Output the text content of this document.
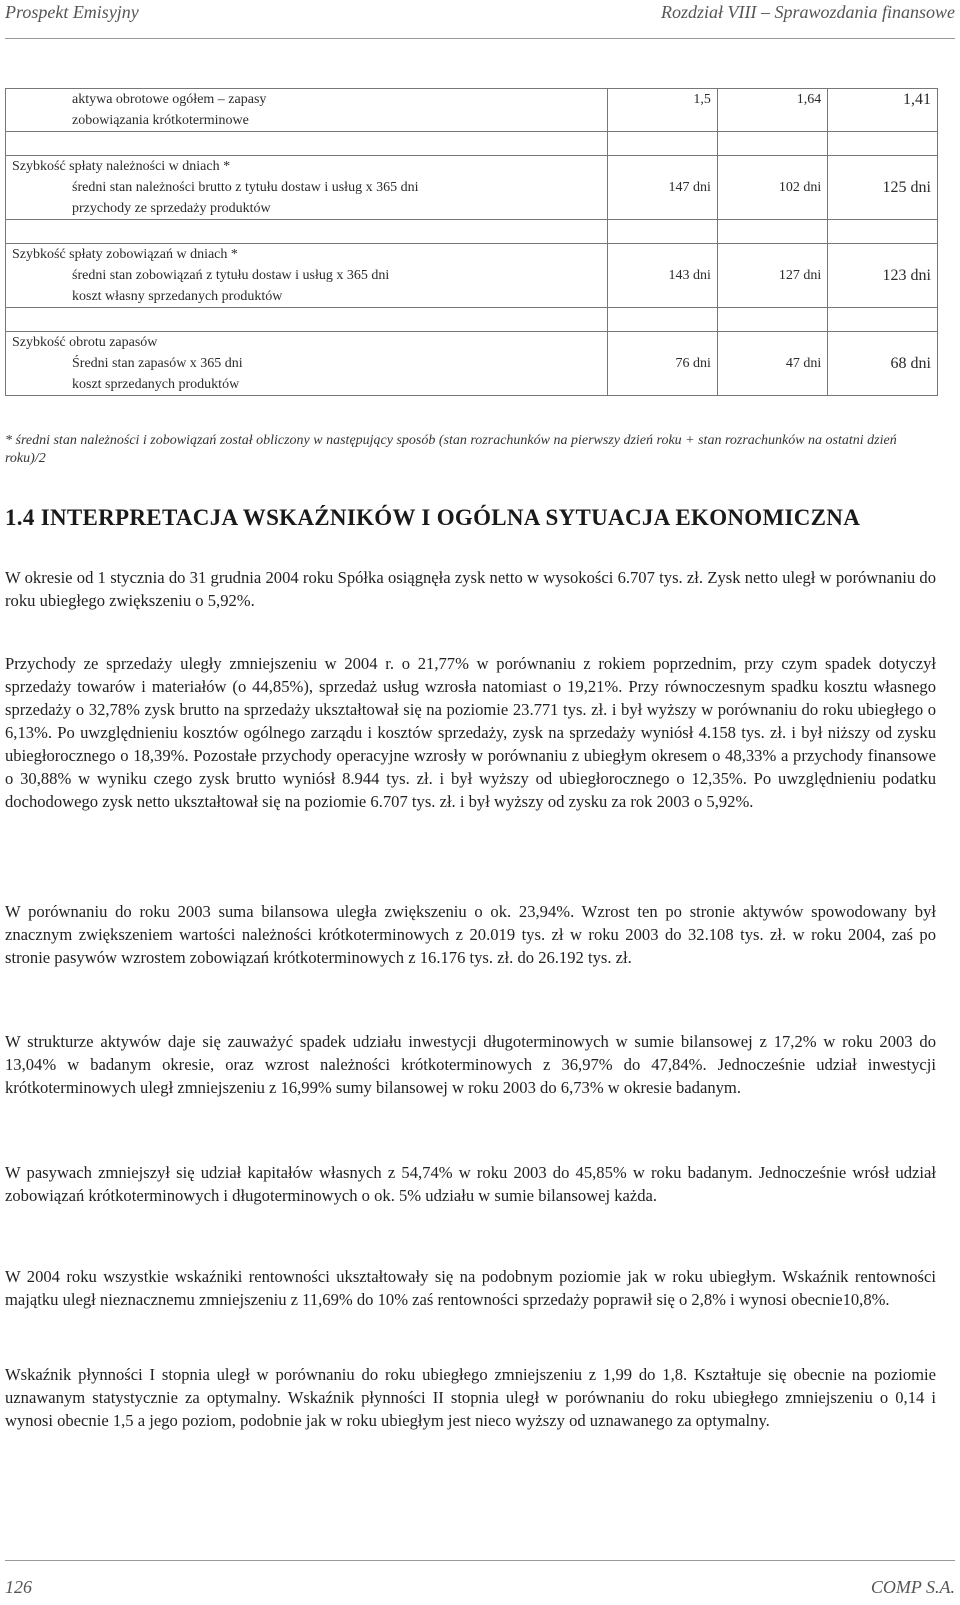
Prospekt Emisyjny	Rozdział VIII – Sprawozdania finansowe
aktywa obrotowe ogółem – zapasy	1,5	1,64	1,41
zobowiązania krótkoterminowe			

Szybkość spłaty należności w dniach *			
średni stan należności brutto z tytułu dostaw i usług x 365 dni	147 dni	102 dni	125 dni
przychody ze sprzedaży produktów			

Szybkość spłaty zobowiązań w dniach *			
średni stan zobowiązań z tytułu dostaw i usług x 365 dni	143 dni	127 dni	123 dni
koszt własny sprzedanych produktów			

Szybkość obrotu zapasów			
Średni stan zapasów x 365 dni	76 dni	47 dni	68 dni
koszt sprzedanych produktów			
* średni stan należności i zobowiązań został obliczony w następujący sposób (stan rozrachunków na pierwszy dzień roku + stan rozrachunków na ostatni dzień roku)/2
1.4 INTERPRETACJA WSKAŹNIKÓW I OGÓLNA SYTUACJA EKONOMICZNA

W okresie od 1 stycznia do 31 grudnia 2004 roku Spółka osiągnęła zysk netto w wysokości 6.707 tys. zł. Zysk netto uległ w porównaniu do roku ubiegłego zwiększeniu o 5,92%.

Przychody ze sprzedaży uległy zmniejszeniu w 2004 r. o 21,77% w porównaniu z rokiem poprzednim, przy czym spadek dotyczył sprzedaży towarów i materiałów (o 44,85%), sprzedaż usług wzrosła natomiast o 19,21%. Przy równoczesnym spadku kosztu własnego sprzedaży o 32,78% zysk brutto na sprzedaży ukształtował się na poziomie 23.771 tys. zł. i był wyższy w porównaniu do roku ubiegłego o 6,13%. Po uwzględnieniu kosztów ogólnego zarządu i kosztów sprzedaży, zysk na sprzedaży wyniósł 4.158 tys. zł. i był niższy od zysku ubiegłorocznego o 18,39%. Pozostałe przychody operacyjne wzrosły w porównaniu z ubiegłym okresem o 48,33% a przychody finansowe o 30,88% w wyniku czego zysk brutto wyniósł 8.944 tys. zł. i był wyższy od ubiegłorocznego o 12,35%. Po uwzględnieniu podatku dochodowego zysk netto ukształtował się na poziomie 6.707 tys. zł. i był wyższy od zysku za rok 2003 o 5,92%.

W porównaniu do roku 2003 suma bilansowa uległa zwiększeniu o ok. 23,94%. Wzrost ten po stronie aktywów spowodowany był znacznym zwiększeniem wartości należności krótkoterminowych z 20.019 tys. zł w roku 2003 do 32.108 tys. zł. w roku 2004, zaś po stronie pasywów wzrostem zobowiązań krótkoterminowych z 16.176 tys. zł. do 26.192 tys. zł.

W strukturze aktywów daje się zauważyć spadek udziału inwestycji długoterminowych w sumie bilansowej z 17,2% w roku 2003 do 13,04% w badanym okresie, oraz wzrost należności krótkoterminowych z 36,97% do 47,84%. Jednocześnie udział inwestycji krótkoterminowych uległ zmniejszeniu z 16,99% sumy bilansowej w roku 2003 do 6,73% w okresie badanym.

W pasywach zmniejszył się udział kapitałów własnych z 54,74% w roku 2003 do 45,85% w roku badanym. Jednocześnie wrósł udział zobowiązań krótkoterminowych i długoterminowych o ok. 5% udziału w sumie bilansowej każda.

W 2004 roku wszystkie wskaźniki rentowności ukształtowały się na podobnym poziomie jak w roku ubiegłym. Wskaźnik rentowności majątku uległ nieznacznemu zmniejszeniu z 11,69% do 10% zaś rentowności sprzedaży poprawił się o 2,8% i wynosi obecnie10,8%.

Wskaźnik płynności I stopnia uległ w porównaniu do roku ubiegłego zmniejszeniu z 1,99 do 1,8. Kształtuje się obecnie na poziomie uznawanym statystycznie za optymalny. Wskaźnik płynności II stopnia uległ w porównaniu do roku ubiegłego zmniejszeniu o 0,14 i wynosi obecnie 1,5 a jego poziom, podobnie jak w roku ubiegłym jest nieco wyższy od uznawanego za optymalny.

126	COMP S.A.
